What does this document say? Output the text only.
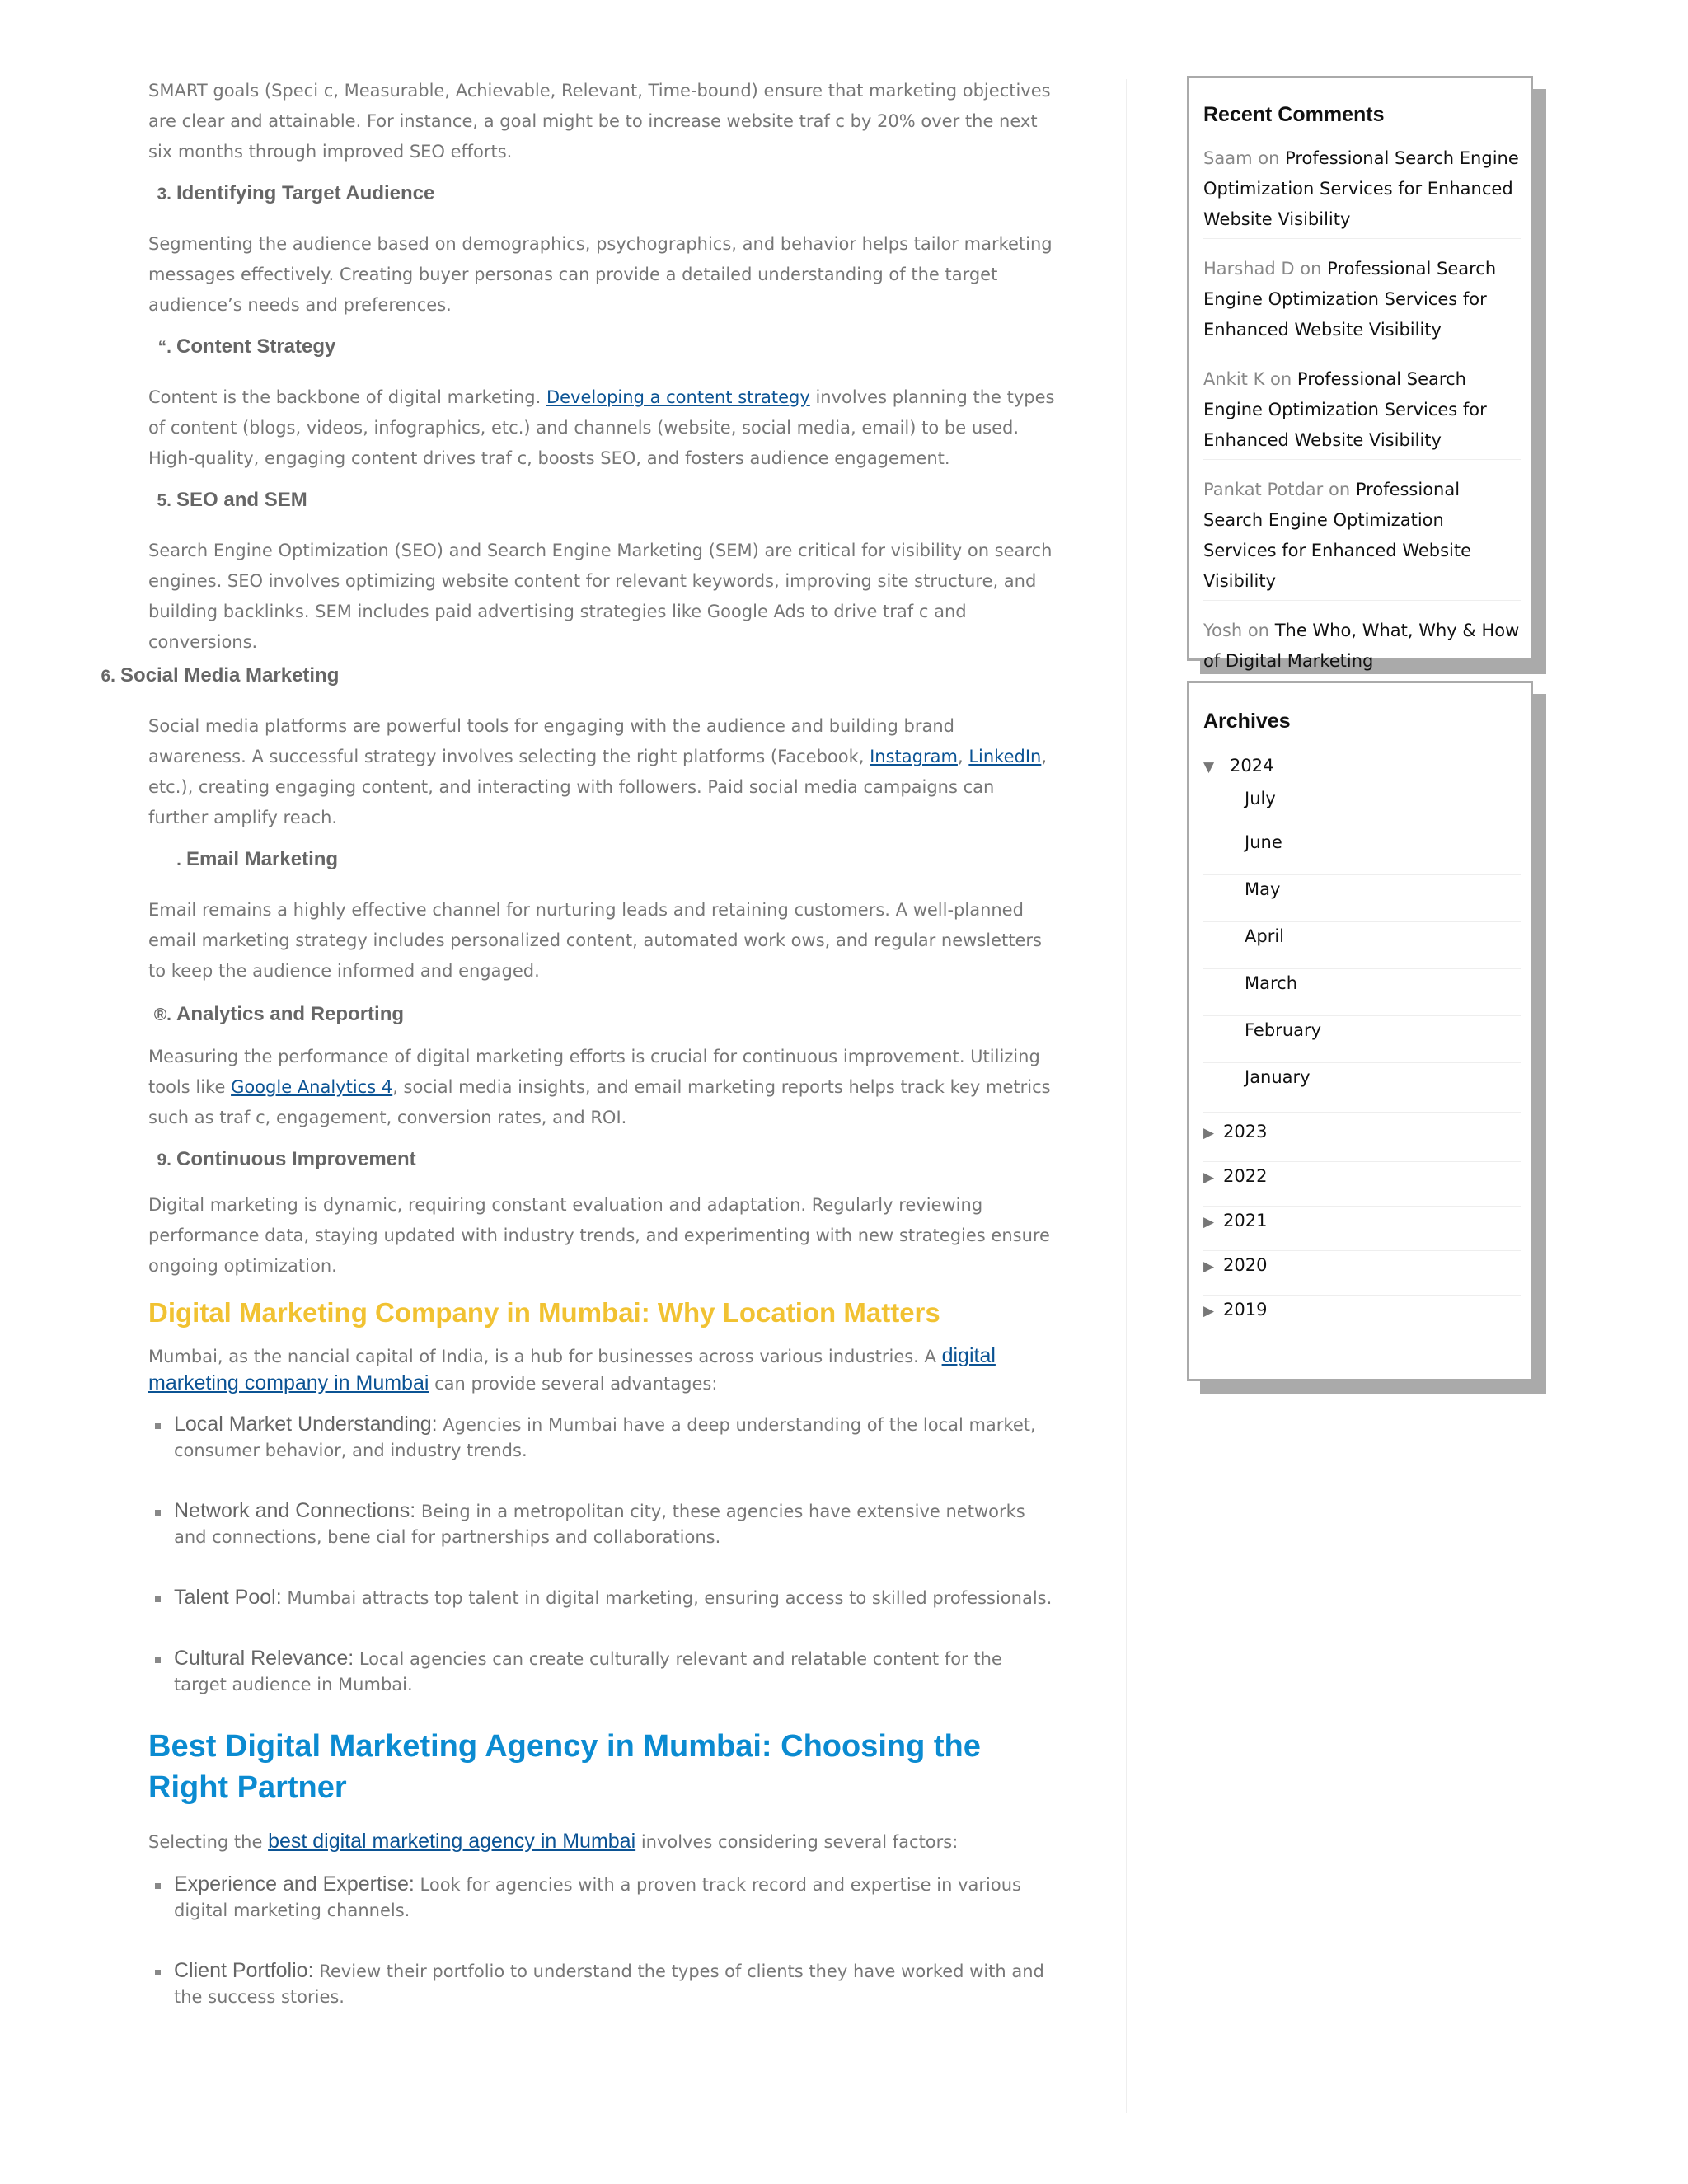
SMART goals (Speci c, Measurable, Achievable, Relevant, Time-bound) ensure that marketing objectives are clear and attainable. For instance, a goal might be to increase website traf c by 20% over the next six months through improved SEO efforts.

3. Identifying Target Audience

Segmenting the audience based on demographics, psychographics, and behavior helps tailor marketing messages effectively. Creating buyer personas can provide a detailed understanding of the target audience’s needs and preferences.

“. Content Strategy

Content is the backbone of digital marketing. Developing a content strategy involves planning the types of content (blogs, videos, infographics, etc.) and channels (website, social media, email) to be used. High-quality, engaging content drives traf c, boosts SEO, and fosters audience engagement.

5. SEO and SEM

Search Engine Optimization (SEO) and Search Engine Marketing (SEM) are critical for visibility on search engines. SEO involves optimizing website content for relevant keywords, improving site structure, and building backlinks. SEM includes paid advertising strategies like Google Ads to drive traf c and conversions.

6. Social Media Marketing

Social media platforms are powerful tools for engaging with the audience and building brand awareness. A successful strategy involves selecting the right platforms (Facebook, Instagram, LinkedIn, etc.), creating engaging content, and interacting with followers. Paid social media campaigns can further amplify reach.

. Email Marketing

Email remains a highly effective channel for nurturing leads and retaining customers. A well-planned email marketing strategy includes personalized content, automated work ows, and regular newsletters to keep the audience informed and engaged.

®. Analytics and Reporting

Measuring the performance of digital marketing efforts is crucial for continuous improvement. Utilizing tools like Google Analytics 4, social media insights, and email marketing reports helps track key metrics such as traf c, engagement, conversion rates, and ROI.

9. Continuous Improvement

Digital marketing is dynamic, requiring constant evaluation and adaptation. Regularly reviewing performance data, staying updated with industry trends, and experimenting with new strategies ensure ongoing optimization.

Digital Marketing Company in Mumbai: Why Location Matters

Mumbai, as the nancial capital of India, is a hub for businesses across various industries. A digital marketing company in Mumbai can provide several advantages:

Local Market Understanding: Agencies in Mumbai have a deep understanding of the local market, consumer behavior, and industry trends.
Network and Connections: Being in a metropolitan city, these agencies have extensive networks and connections, bene cial for partnerships and collaborations.
Talent Pool: Mumbai attracts top talent in digital marketing, ensuring access to skilled professionals.
Cultural Relevance: Local agencies can create culturally relevant and relatable content for the target audience in Mumbai.
Best Digital Marketing Agency in Mumbai: Choosing the Right Partner

Selecting the best digital marketing agency in Mumbai involves considering several factors:

Experience and Expertise: Look for agencies with a proven track record and expertise in various digital marketing channels.
Client Portfolio: Review their portfolio to understand the types of clients they have worked with and the success stories.
Recent Comments
Saam on Professional Search Engine Optimization Services for Enhanced Website Visibility
Harshad D on Professional Search Engine Optimization Services for Enhanced Website Visibility
Ankit K on Professional Search Engine Optimization Services for Enhanced Website Visibility
Pankat Potdar on Professional Search Engine Optimization Services for Enhanced Website Visibility
Yosh on The Who, What, Why & How of Digital Marketing
Archives
▼ 2024
July
June
May
April
March
February
January
▶ 2023
▶ 2022
▶ 2021
▶ 2020
▶ 2019
